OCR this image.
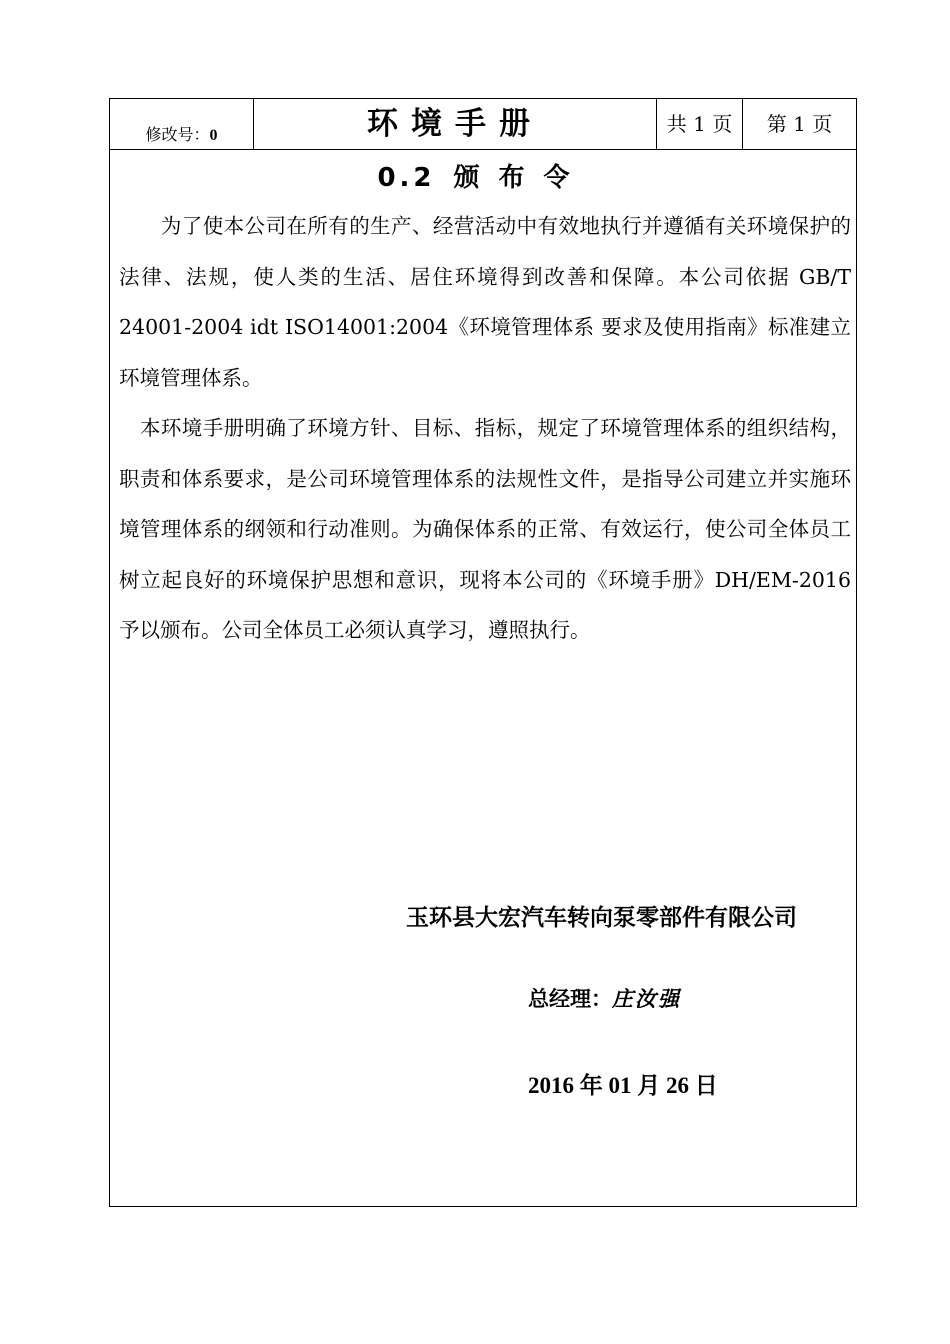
修改号：0	环境手册	共 1 页	第 1 页
0.2 颁布令
　　为了使本公司在所有的生产、经营活动中有效地执行并遵循有关环境保护的法律、法规，使人类的生活、居住环境得到改善和保障。本公司依据 GB/T 24001-2004 idt ISO14001:2004《环境管理体系 要求及使用指南》标准建立环境管理体系。
　本环境手册明确了环境方针、目标、指标，规定了环境管理体系的组织结构，职责和体系要求，是公司环境管理体系的法规性文件，是指导公司建立并实施环境管理体系的纲领和行动准则。为确保体系的正常、有效运行，使公司全体员工树立起良好的环境保护思想和意识，现将本公司的《环境手册》DH/EM-2016 予以颁布。公司全体员工必须认真学习，遵照执行。
玉环县大宏汽车转向泵零部件有限公司
总经理：庄汝强
2016 年 01 月 26 日
